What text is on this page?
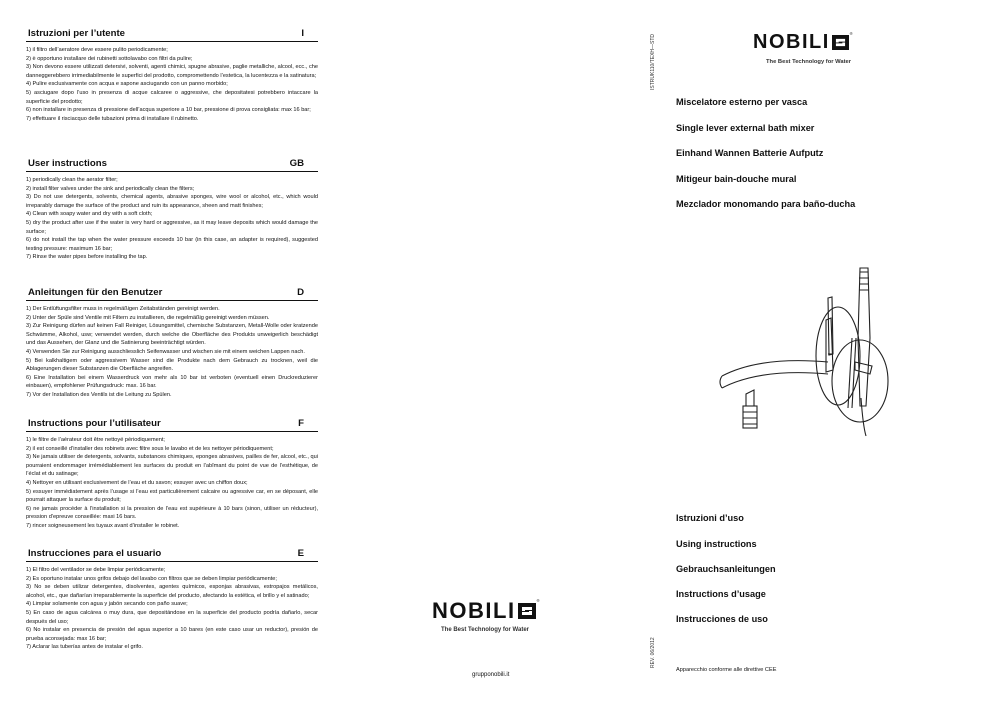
Istruzioni per l’utente	I

1) il filtro dell’aeratore deve essere pulito periodicamente;

2) è opportuno installare dei rubinetti sottolavabo con filtri da pulire;

3) Non devono essere utilizzati detersivi, solventi, agenti chimici, spugne abrasive, paglie metalliche, alcool, ecc., che danneggerebbero irrimediabilmente le superfici del prodotto, compromettendo l’estetica, la lucentezza e la satinatura;

4) Pulire esclusivamente con acqua e sapone asciugando con un panno morbido;

5) asciugare dopo l’uso in presenza di acque calcaree o aggressive, che depositatesi potrebbero intaccare la superficie del prodotto;

6) non installare in presenza di pressione dell’acqua superiore a 10 bar, pressione di prova consigliata: max 16 bar;

7) effettuare il risciacquo delle tubazioni prima di installare il rubinetto.

User instructions	GB

1) periodically clean the aerator filter;

2) install filter valves under the sink and periodically clean the filters;

3) Do not use detergents, solvents, chemical agents, abrasive sponges, wire wool or alcohol, etc., which would irreparably damage the surface of the product and ruin its appearance, sheen and matt finishes;

4) Clean with soapy water and dry with a soft cloth;

5) dry the product after use if the water is very hard or aggressive, as it may leave deposits which would damage the surface;

6) do not install the tap when the water pressure exceeds 10 bar (in this case, an adapter is required), suggested testing pressure: maximum 16 bar;

7) Rinse the water pipes before installing the tap.

Anleitungen für den Benutzer	D

1) Der Entlüftungsfilter muss in regelmäßigen Zeitabständen gereinigt werden.

2) Unter der Spüle sind Ventile mit Filtern zu installieren, die regelmäßig gereinigt werden müssen.

3) Zur Reinigung dürfen auf keinen Fall Reiniger, Lösungsmittel, chemische Substanzen, Metall-Wolle oder kratzende Schwämme, Alkohol, usw; verwendet werden, durch welche die Oberfläche des Produkts unweigerlich beschädigt und das Aussehen, der Glanz und die Satinierung beeinträchtigt würden.

4) Verwenden Sie zur Reinigung ausschliesslich Seifenwasser und wischen sie mit einem weichen Lappen nach.

5) Bei kalkhaltigem oder aggressivem Wasser sind die Produkte nach dem Gebrauch zu trocknen, weil die Ablagerungen dieser Substanzen die Oberfläche angreifen.

6) Eine Installation bei einem Wasserdruck von mehr als 10 bar ist verboten (eventuell einen Druckreduzierer einbauen), empfohlener Prüfungsdruck: max. 16 bar.

7) Vor der Installation des Ventils ist die Leitung zu Spülen.

Instructions pour l’utilisateur	F

1) le filtre de l’aérateur doit être nettoyé périodiquement;

2) il est conseillé d’installer des robinets avec filtre sous le lavabo et de les nettoyer périodiquement;

3) Ne jamais utiliser de detergents, solvants, substances chimiques, eponges abrasives, pailles de fer, alcool, etc., qui pourraient endommager irrémédiablement les surfaces du produit en l’abîmant du point de vue de l’esthétique, de l’éclat et du satinage;

4) Nettoyer en utilisant exclusivement de l’eau et du savon; essuyer avec un chiffon doux;

5) essuyer immédiatement après l’usage si l’eau est particulièrement calcaire ou agressive car, en se déposant, elle pourrait attaquer la surface du produit;

6) ne jamais procéder à l’installation si la pression de l’eau est supérieure à 10 bars (sinon, utiliser un réducteur), pression d’epreuve conseillée: maxi 16 bars.

7) rincer soigneusement les tuyaux avant d’installer le robinet.

Instrucciones para el usuario	E

1) El filtro del ventilador se debe limpiar periódicamente;

2) Es oportuno instalar unos grifos debajo del lavabo con filtros que se deben limpiar periódicamente;

3) No se deben utilizar detergentes, disolventes, agentes químicos, esponjas abrasivas, estropajos metálicos, alcohol, etc., que dañarían irreparablemente la superficie del producto, afectando la estética, el brillo y el satinado;

4) Limpiar solamente con agua y jabón secando con paño suave;

5) En caso de agua calcárea o muy dura, que depositándose en la superficie del producto podría dañarlo, secar después del uso;

6) No instalar en presencia de presión del agua superior a 10 bares (en este caso usar un reductor), presión de prueba aconsejada: max 16 bar;

7) Aclarar las tuberías antes de instalar el grifo.

NOBILI	®
The Best Technology for Water
grupponobili.it
ISTRUK110/TEXH—STD
REV. 06/2012
NOBILI	®
The Best Technology for Water
Miscelatore esterno per vasca
Single lever external bath mixer
Einhand Wannen Batterie Aufputz
Mitigeur bain-douche mural
Mezclador monomando para baño-ducha
Istruzioni d’uso
Using instructions
Gebrauchsanleitungen
Instructions d’usage
Instrucciones de uso
Apparecchio conforme alle direttive CEE
